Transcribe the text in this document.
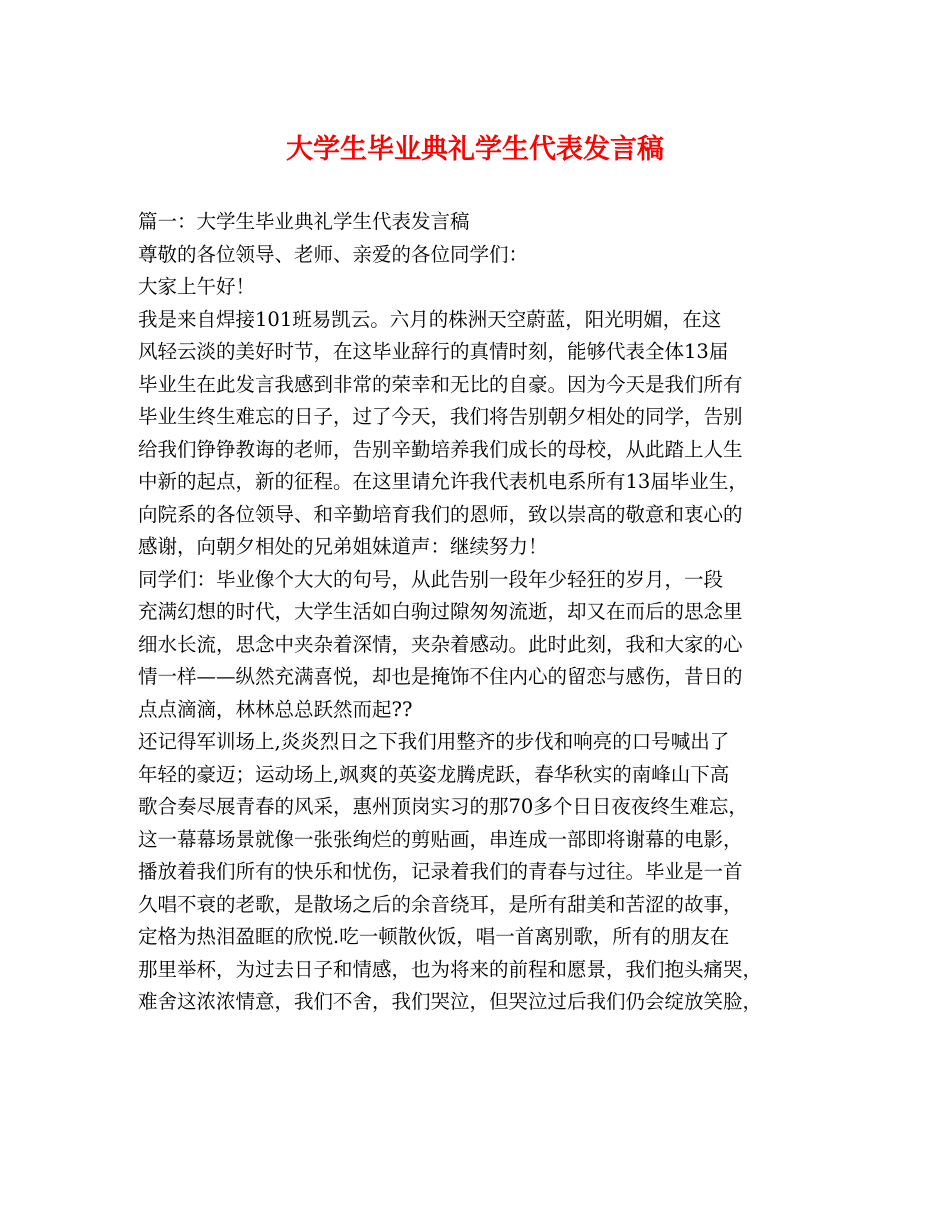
大学生毕业典礼学生代表发言稿
篇一：大学生毕业典礼学生代表发言稿
尊敬的各位领导、老师、亲爱的各位同学们：
大家上午好！
我是来自焊接101班易凯云。六月的株洲天空蔚蓝，阳光明媚，在这
风轻云淡的美好时节，在这毕业辞行的真情时刻，能够代表全体13届
毕业生在此发言我感到非常的荣幸和无比的自豪。因为今天是我们所有
毕业生终生难忘的日子，过了今天，我们将告别朝夕相处的同学，告别
给我们铮铮教诲的老师，告别辛勤培养我们成长的母校，从此踏上人生
中新的起点，新的征程。在这里请允许我代表机电系所有13届毕业生，
向院系的各位领导、和辛勤培育我们的恩师，致以崇高的敬意和衷心的
感谢，向朝夕相处的兄弟姐妹道声：继续努力！
同学们：毕业像个大大的句号，从此告别一段年少轻狂的岁月，一段
充满幻想的时代，大学生活如白驹过隙匆匆流逝，却又在而后的思念里
细水长流，思念中夹杂着深情，夹杂着感动。此时此刻，我和大家的心
情一样——纵然充满喜悦，却也是掩饰不住内心的留恋与感伤，昔日的
点点滴滴，林林总总跃然而起??
还记得军训场上,炎炎烈日之下我们用整齐的步伐和响亮的口号喊出了
年轻的豪迈；运动场上,飒爽的英姿龙腾虎跃，春华秋实的南峰山下高
歌合奏尽展青春的风采，惠州顶岗实习的那70多个日日夜夜终生难忘，
这一幕幕场景就像一张张绚烂的剪贴画，串连成一部即将谢幕的电影，
播放着我们所有的快乐和忧伤，记录着我们的青春与过往。毕业是一首
久唱不衰的老歌，是散场之后的余音绕耳，是所有甜美和苦涩的故事，
定格为热泪盈眶的欣悦.吃一顿散伙饭，唱一首离别歌，所有的朋友在
那里举杯，为过去日子和情感，也为将来的前程和愿景，我们抱头痛哭，
难舍这浓浓情意，我们不舍，我们哭泣，但哭泣过后我们仍会绽放笑脸，
